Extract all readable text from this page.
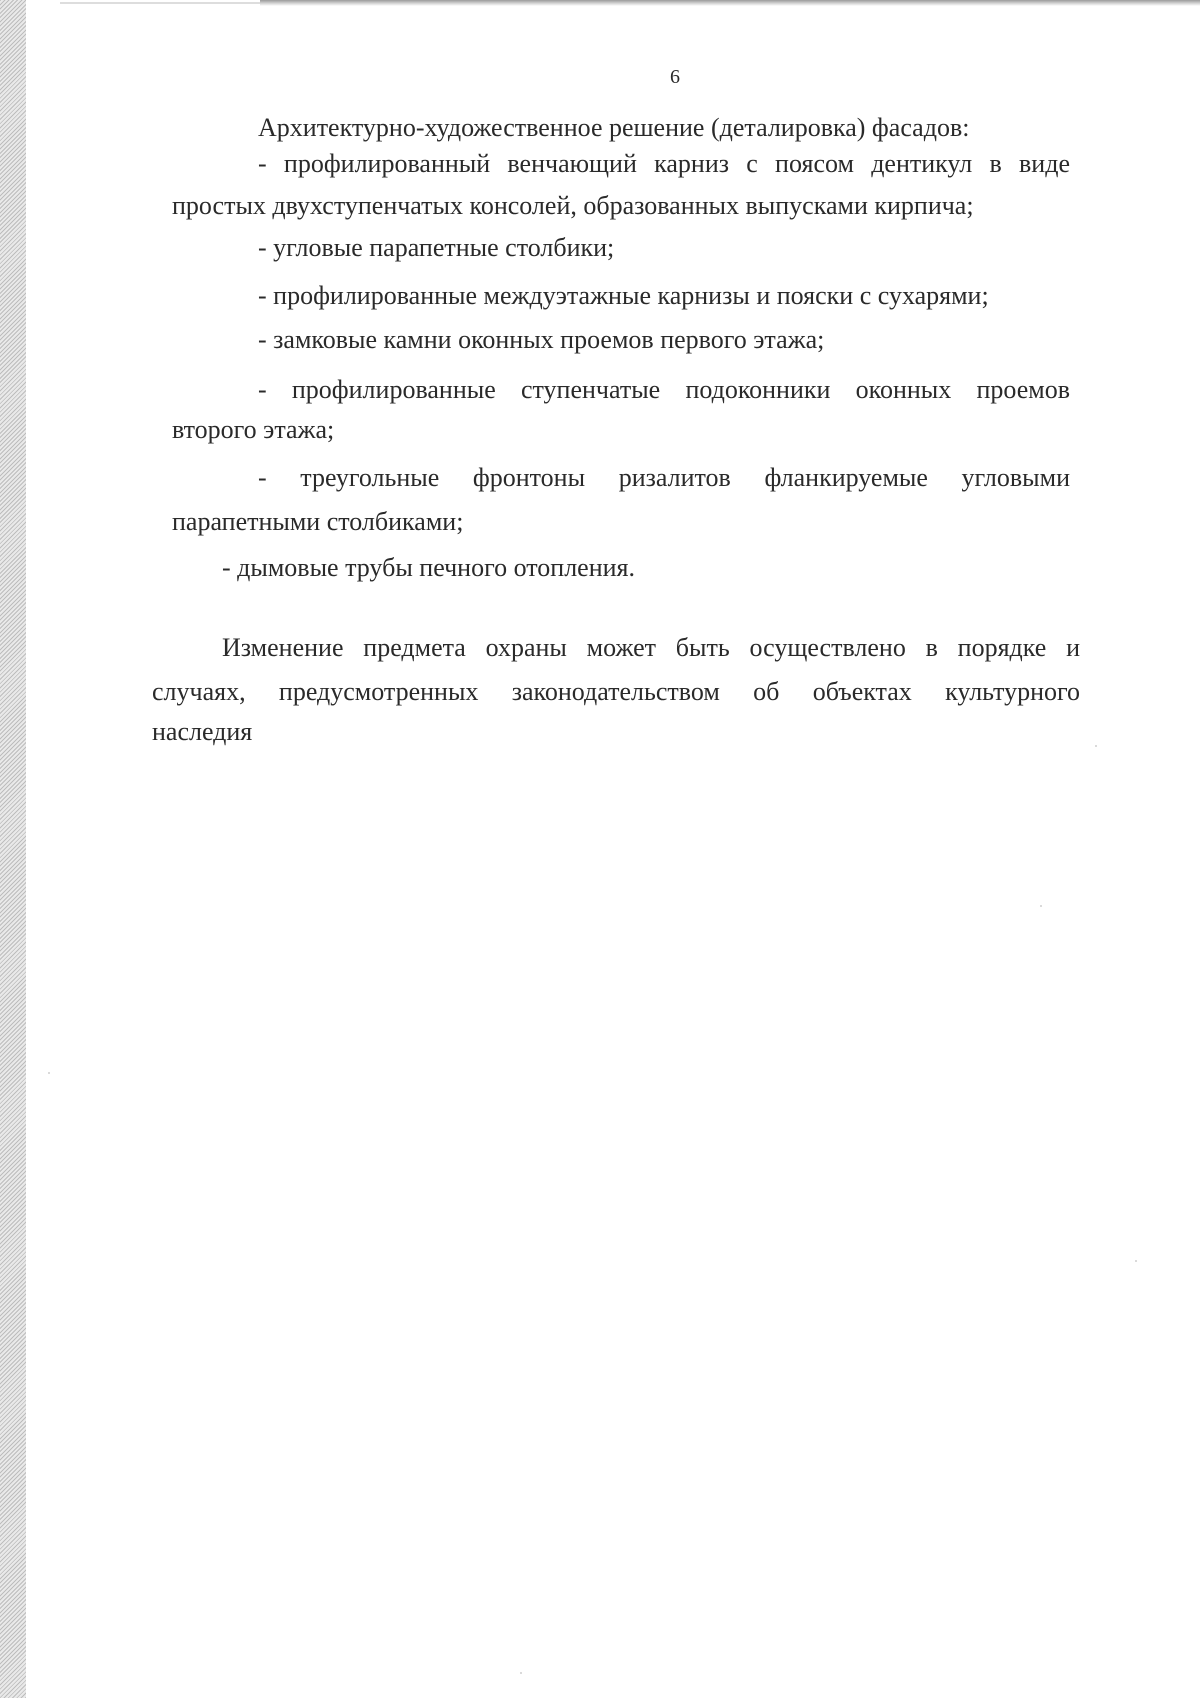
6
Архитектурно-художественное решение (деталировка) фасадов:
- профилированный венчающий карниз с поясом дентикул в виде
простых двухступенчатых консолей, образованных выпусками кирпича;
- угловые парапетные столбики;
- профилированные междуэтажные карнизы и пояски с сухарями;
- замковые камни оконных проемов первого этажа;
- профилированные ступенчатые подоконники оконных проемов
второго этажа;
- треугольные фронтоны ризалитов фланкируемые угловыми
парапетными столбиками;
- дымовые трубы печного отопления.
Изменение предмета охраны может быть осуществлено в порядке и
случаях, предусмотренных законодательством об объектах культурного
наследия
